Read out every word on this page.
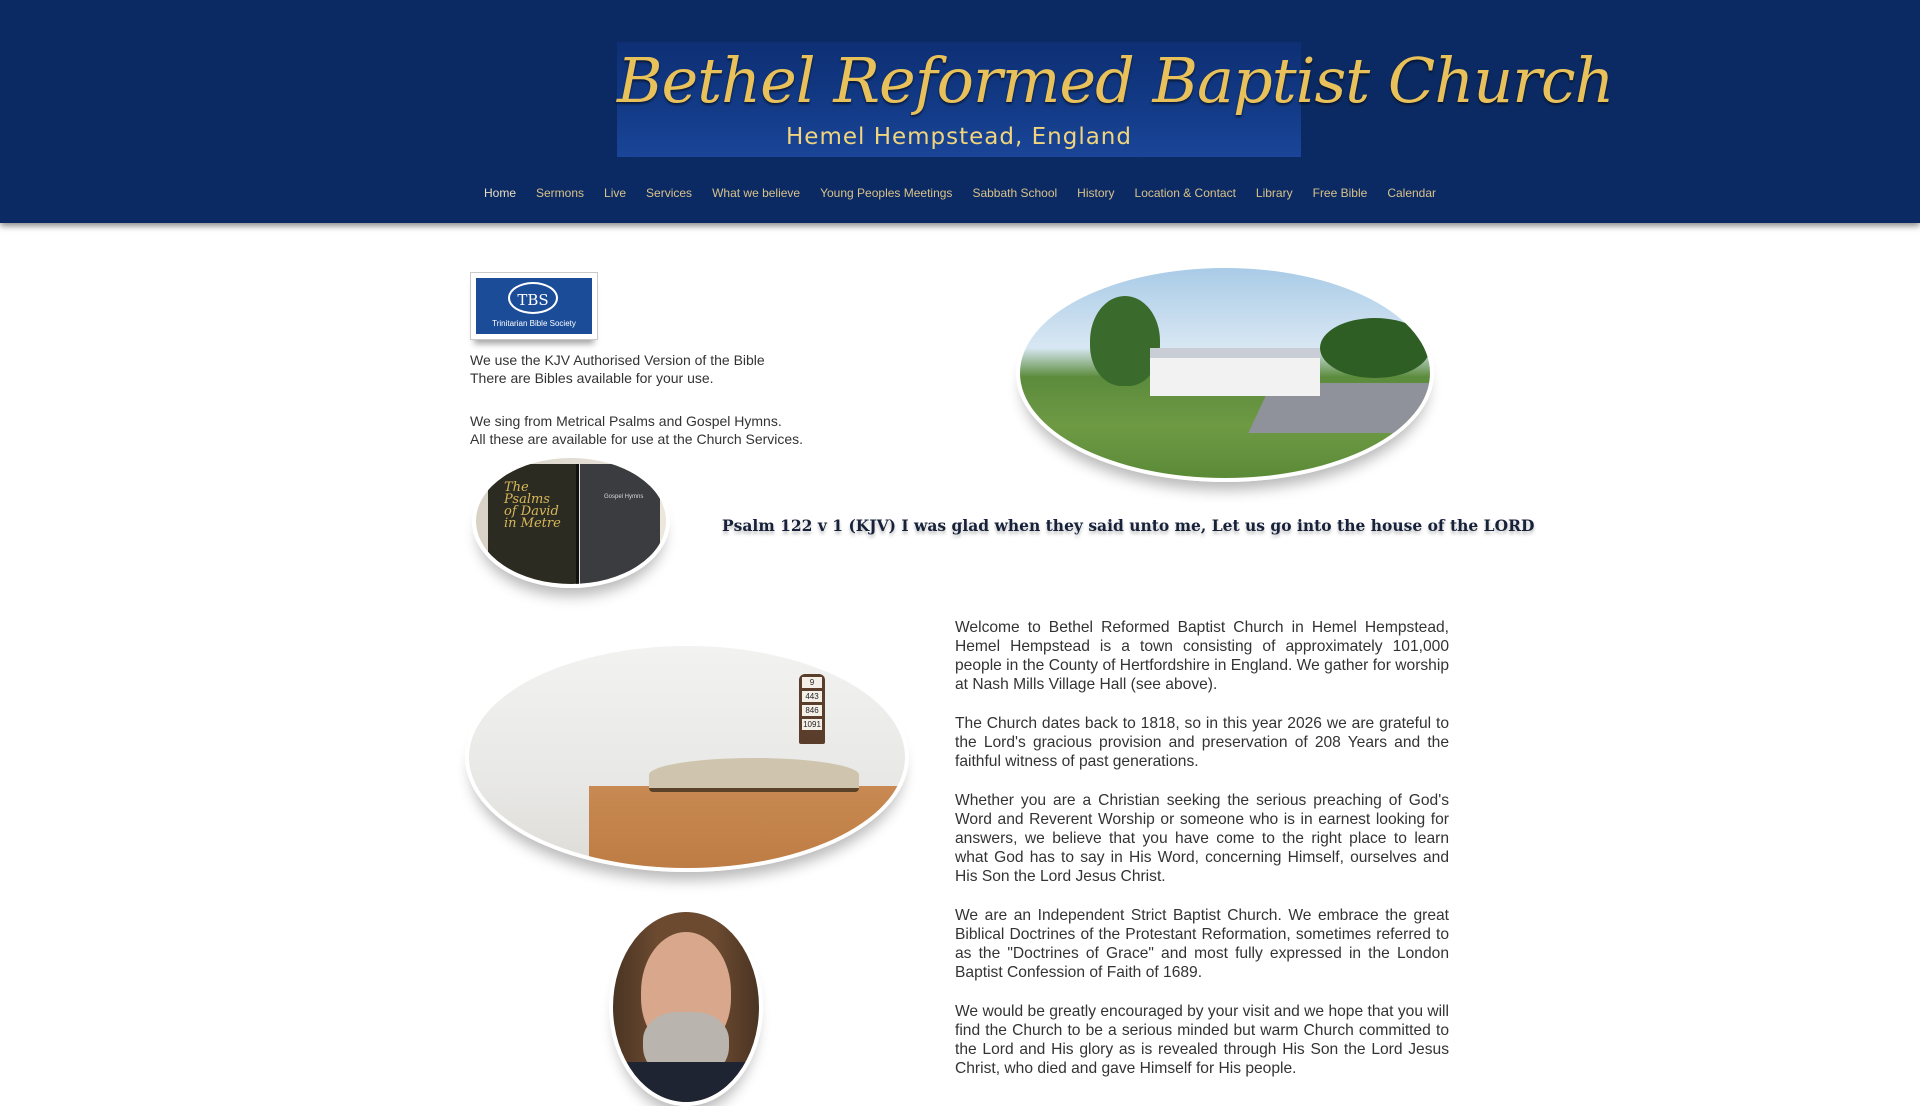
Bethel Reformed Baptist Church
Hemel Hempstead, England
Home	Sermons	Live	Services	What we believe	Young Peoples Meetings	Sabbath School	History	Location & Contact	Library	Free Bible	Calendar
TBS
Trinitarian Bible Society
We use the KJV Authorised Version of the Bible
There are Bibles available for your use.
We sing from Metrical Psalms and Gospel Hymns.
All these are available for use at the Church Services.
The Psalms of David in Metre
Gospel Hymns
Psalm 122 v 1 (KJV) I was glad when they said unto me, Let us go into the house of the LORD
9
443
846
1091

Welcome to Bethel Reformed Baptist Church in Hemel Hempstead, Hemel Hempstead is a town consisting of approximately 101,000 people in the County of Hertfordshire in England. We gather for worship at Nash Mills Village Hall (see above).

The Church dates back to 1818, so in this year 2026 we are grateful to the Lord's gracious provision and preservation of 208 Years and the faithful witness of past generations.

Whether you are a Christian seeking the serious preaching of God's Word and Reverent Worship or someone who is in earnest looking for answers, we believe that you have come to the right place to learn what God has to say in His Word, concerning Himself, ourselves and His Son the Lord Jesus Christ.

We are an Independent Strict Baptist Church. We embrace the great Biblical Doctrines of the Protestant Reformation, sometimes referred to as the "Doctrines of Grace" and most fully expressed in the London Baptist Confession of Faith of 1689.

We would be greatly encouraged by your visit and we hope that you will find the Church to be a serious minded but warm Church committed to the Lord and His glory as is revealed through His Son the Lord Jesus Christ, who died and gave Himself for His people.
